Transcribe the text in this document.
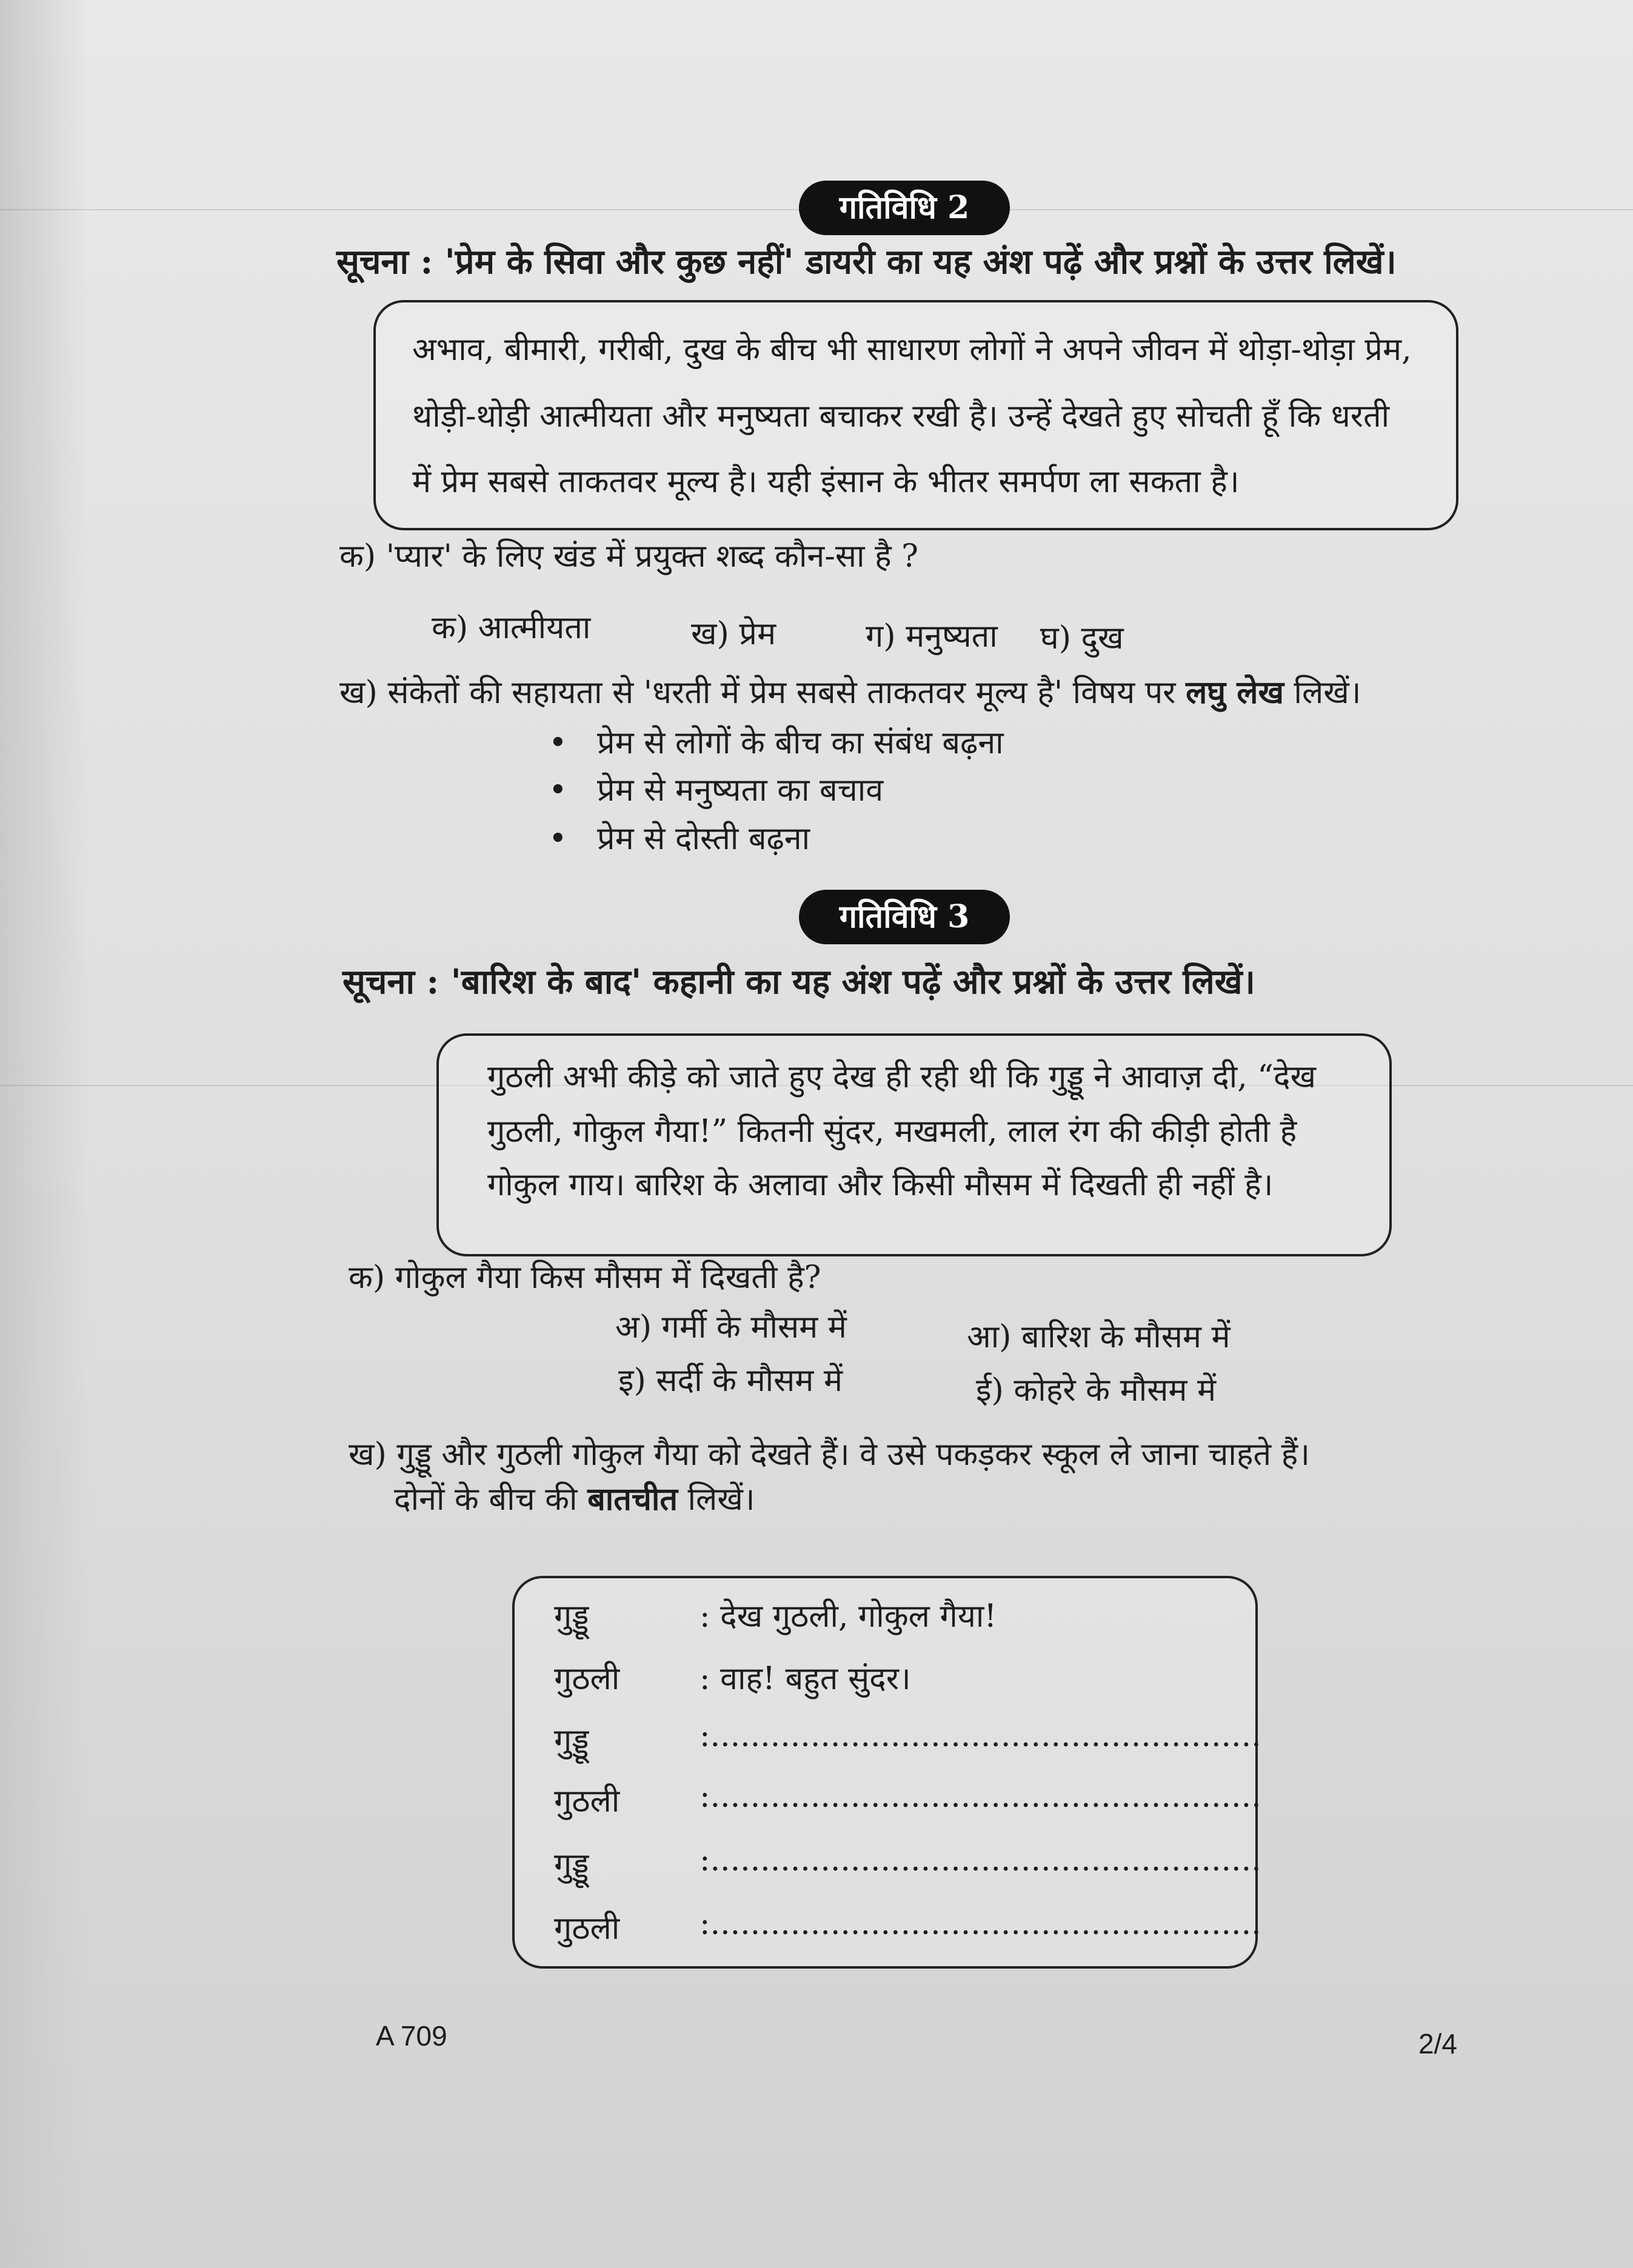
गतिविधि 2
सूचना : 'प्रेम के सिवा और कुछ नहीं' डायरी का यह अंश पढ़ें और प्रश्नों के उत्तर लिखें।
अभाव, बीमारी, गरीबी, दुख के बीच भी साधारण लोगों ने अपने जीवन में थोड़ा-थोड़ा प्रेम,
थोड़ी-थोड़ी आत्मीयता और मनुष्यता बचाकर रखी है। उन्हें देखते हुए सोचती हूँ कि धरती
में प्रेम सबसे ताकतवर मूल्य है। यही इंसान के भीतर समर्पण ला सकता है।
क) 'प्यार' के लिए खंड में प्रयुक्त शब्द कौन-सा है ?
क) आत्मीयता	ख) प्रेम	ग) मनुष्यता घ) दुख
ख) संकेतों की सहायता से 'धरती में प्रेम सबसे ताकतवर मूल्य है' विषय पर लघु लेख लिखें।
• प्रेम से लोगों के बीच का संबंध बढ़ना
• प्रेम से मनुष्यता का बचाव
• प्रेम से दोस्ती बढ़ना
गतिविधि 3
सूचना : 'बारिश के बाद' कहानी का यह अंश पढ़ें और प्रश्नों के उत्तर लिखें।
गुठली अभी कीड़े को जाते हुए देख ही रही थी कि गुड्डू ने आवाज़ दी, “देख
गुठली, गोकुल गैया!” कितनी सुंदर, मखमली, लाल रंग की कीड़ी होती है
गोकुल गाय। बारिश के अलावा और किसी मौसम में दिखती ही नहीं है।
क) गोकुल गैया किस मौसम में दिखती है?
अ) गर्मी के मौसम में	आ) बारिश के मौसम में
इ) सर्दी के मौसम में	ई) कोहरे के मौसम में
ख) गुड्डू और गुठली गोकुल गैया को देखते हैं। वे उसे पकड़कर स्कूल ले जाना चाहते हैं।
दोनों के बीच की बातचीत लिखें।
गुड्डू	: देख गुठली, गोकुल गैया!
गुठली	: वाह! बहुत सुंदर।
गुड्डू	:.......................................................
गुठली	:.......................................................
गुड्डू	:.......................................................
गुठली	:.......................................................
A 709	2/4
